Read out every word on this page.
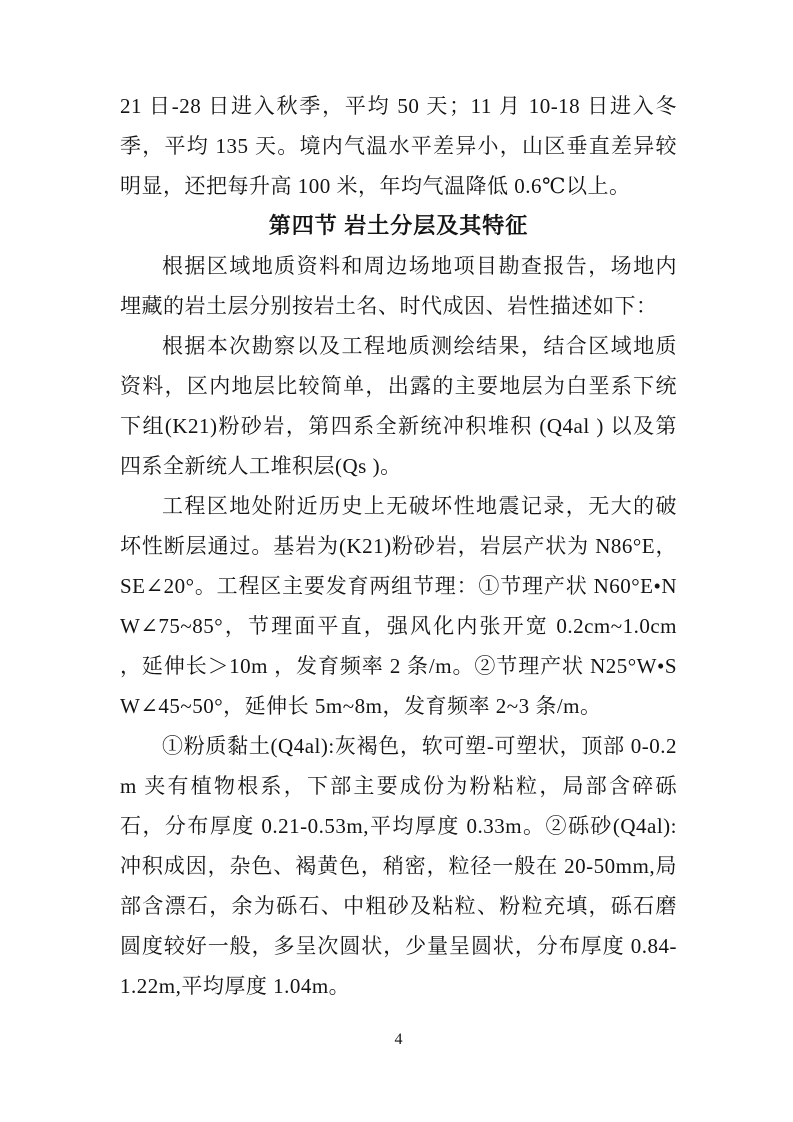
21 日-28 日进入秋季，平均 50 天；11 月 10-18 日进入冬季，平均 135 天。境内气温水平差异小，山区垂直差异较明显，还把每升高 100 米，年均气温降低 0.6℃以上。

第四节 岩土分层及其特征

根据区域地质资料和周边场地项目勘查报告，场地内埋藏的岩土层分别按岩土名、时代成因、岩性描述如下：

根据本次勘察以及工程地质测绘结果，结合区域地质资料，区内地层比较简单，出露的主要地层为白垩系下统下组(K21)粉砂岩，第四系全新统冲积堆积 (Q4al ) 以及第四系全新统人工堆积层(Qs )。

工程区地处附近历史上无破坏性地震记录，无大的破坏性断层通过。基岩为(K21)粉砂岩，岩层产状为 N86°E，SE∠20°。工程区主要发育两组节理：①节理产状 N60°E•NW∠75~85°，节理面平直，强风化内张开宽 0.2cm~1.0cm ，延伸长＞10m ，发育频率 2 条/m。②节理产状 N25°W•SW∠45~50°，延伸长 5m~8m，发育频率 2~3 条/m。

①粉质黏土(Q4al):灰褐色，软可塑-可塑状，顶部 0-0.2m 夹有植物根系，下部主要成份为粉粘粒，局部含碎砾石，分布厚度 0.21-0.53m,平均厚度 0.33m。②砾砂(Q4al):冲积成因，杂色、褐黄色，稍密，粒径一般在 20-50mm,局部含漂石，余为砾石、中粗砂及粘粒、粉粒充填，砾石磨圆度较好一般，多呈次圆状，少量呈圆状，分布厚度 0.84-1.22m,平均厚度 1.04m。

4
